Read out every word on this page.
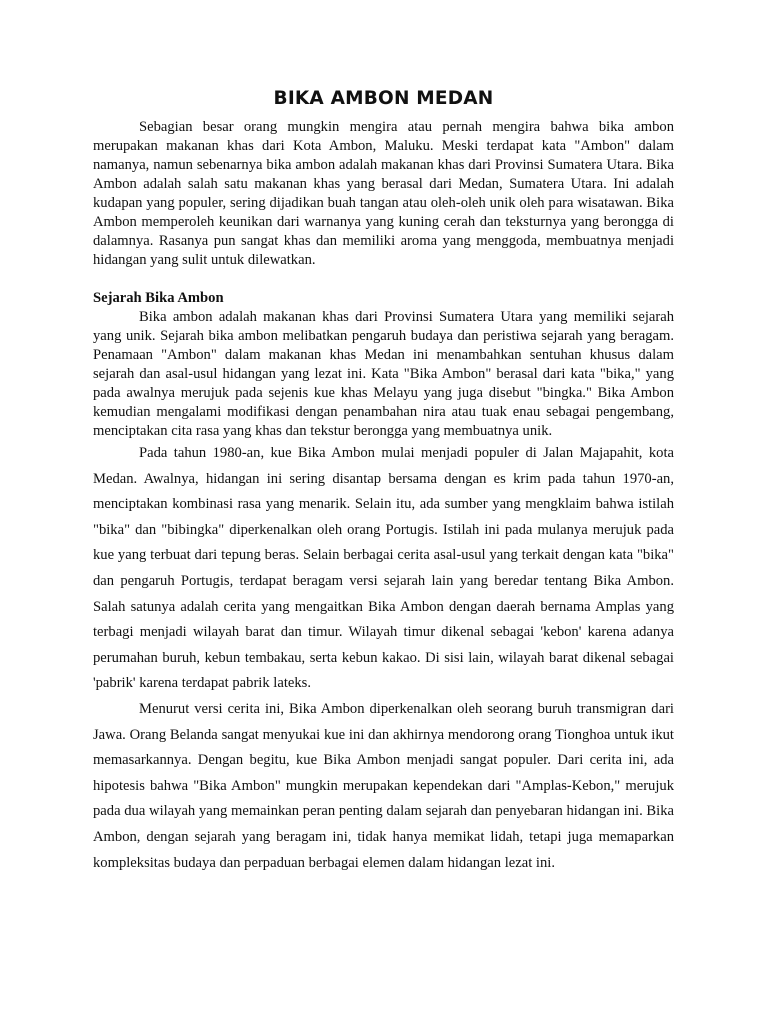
BIKA AMBON MEDAN

Sebagian besar orang mungkin mengira atau pernah mengira bahwa bika ambon merupakan makanan khas dari Kota Ambon, Maluku. Meski terdapat kata "Ambon" dalam namanya, namun sebenarnya bika ambon adalah makanan khas dari Provinsi Sumatera Utara. Bika Ambon adalah salah satu makanan khas yang berasal dari Medan, Sumatera Utara. Ini adalah kudapan yang populer, sering dijadikan buah tangan atau oleh-oleh unik oleh para wisatawan. Bika Ambon memperoleh keunikan dari warnanya yang kuning cerah dan teksturnya yang berongga di dalamnya. Rasanya pun sangat khas dan memiliki aroma yang menggoda, membuatnya menjadi hidangan yang sulit untuk dilewatkan.

Sejarah Bika Ambon

Bika ambon adalah makanan khas dari Provinsi Sumatera Utara yang memiliki sejarah yang unik. Sejarah bika ambon melibatkan pengaruh budaya dan peristiwa sejarah yang beragam. Penamaan "Ambon" dalam makanan khas Medan ini menambahkan sentuhan khusus dalam sejarah dan asal-usul hidangan yang lezat ini. Kata "Bika Ambon" berasal dari kata "bika," yang pada awalnya merujuk pada sejenis kue khas Melayu yang juga disebut "bingka." Bika Ambon kemudian mengalami modifikasi dengan penambahan nira atau tuak enau sebagai pengembang, menciptakan cita rasa yang khas dan tekstur berongga yang membuatnya unik.

Pada tahun 1980-an, kue Bika Ambon mulai menjadi populer di Jalan Majapahit, kota Medan. Awalnya, hidangan ini sering disantap bersama dengan es krim pada tahun 1970-an, menciptakan kombinasi rasa yang menarik. Selain itu, ada sumber yang mengklaim bahwa istilah "bika" dan "bibingka" diperkenalkan oleh orang Portugis. Istilah ini pada mulanya merujuk pada kue yang terbuat dari tepung beras. Selain berbagai cerita asal-usul yang terkait dengan kata "bika" dan pengaruh Portugis, terdapat beragam versi sejarah lain yang beredar tentang Bika Ambon. Salah satunya adalah cerita yang mengaitkan Bika Ambon dengan daerah bernama Amplas yang terbagi menjadi wilayah barat dan timur. Wilayah timur dikenal sebagai 'kebon' karena adanya perumahan buruh, kebun tembakau, serta kebun kakao. Di sisi lain, wilayah barat dikenal sebagai 'pabrik' karena terdapat pabrik lateks.

Menurut versi cerita ini, Bika Ambon diperkenalkan oleh seorang buruh transmigran dari Jawa. Orang Belanda sangat menyukai kue ini dan akhirnya mendorong orang Tionghoa untuk ikut memasarkannya. Dengan begitu, kue Bika Ambon menjadi sangat populer. Dari cerita ini, ada hipotesis bahwa "Bika Ambon" mungkin merupakan kependekan dari "Amplas-Kebon," merujuk pada dua wilayah yang memainkan peran penting dalam sejarah dan penyebaran hidangan ini. Bika Ambon, dengan sejarah yang beragam ini, tidak hanya memikat lidah, tetapi juga memaparkan kompleksitas budaya dan perpaduan berbagai elemen dalam hidangan lezat ini.
